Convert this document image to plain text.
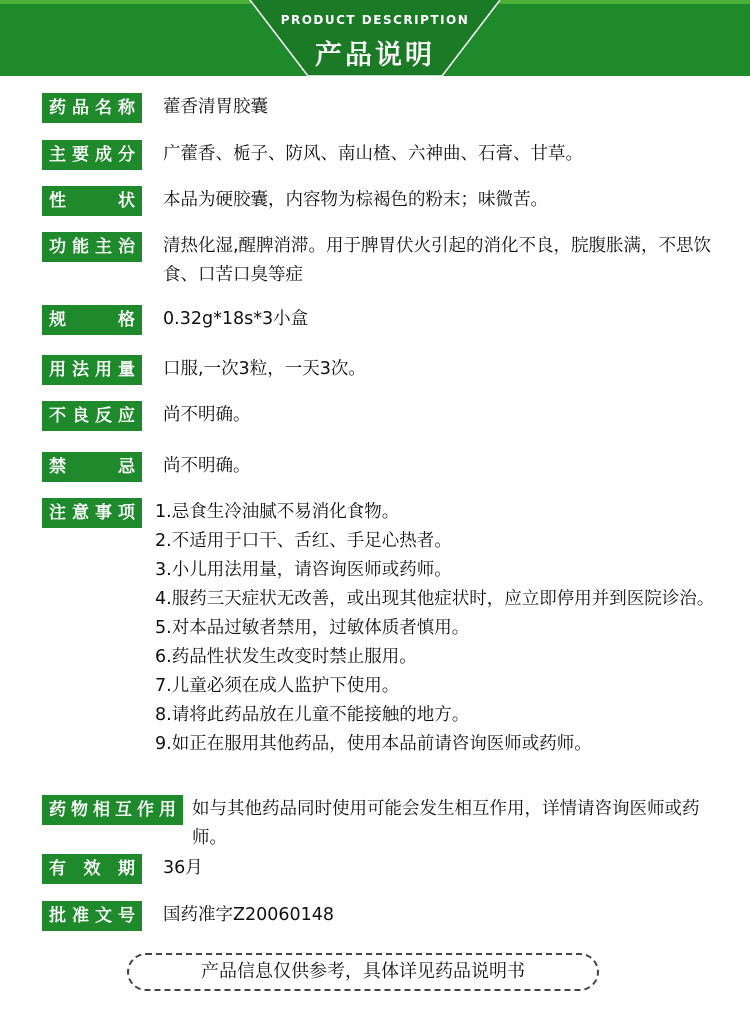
PRODUCT DESCRIPTION
产品说明
药品名称	藿香清胃胶囊
主要成分	广藿香、栀子、防风、南山楂、六神曲、石膏、甘草。
性　　状	本品为硬胶囊，内容物为棕褐色的粉末；味微苦。
功能主治	清热化湿,醒脾消滞。用于脾胃伏火引起的消化不良，脘腹胀满，不思饮食、口苦口臭等症
规　　格	0.32g*18s*3小盒
用法用量	口服,一次3粒，一天3次。
不良反应	尚不明确。
禁　　忌	尚不明确。
注意事项	1.忌食生冷油腻不易消化食物。
2.不适用于口干、舌红、手足心热者。
3.小儿用法用量，请咨询医师或药师。
4.服药三天症状无改善，或出现其他症状时，应立即停用并到医院诊治。
5.对本品过敏者禁用，过敏体质者慎用。
6.药品性状发生改变时禁止服用。
7.儿童必须在成人监护下使用。
8.请将此药品放在儿童不能接触的地方。
9.如正在服用其他药品，使用本品前请咨询医师或药师。
药物相互作用 如与其他药品同时使用可能会发生相互作用，详情请咨询医师或药师。
有 效 期	36月
批准文号	国药准字Z20060148
产品信息仅供参考，具体详见药品说明书
